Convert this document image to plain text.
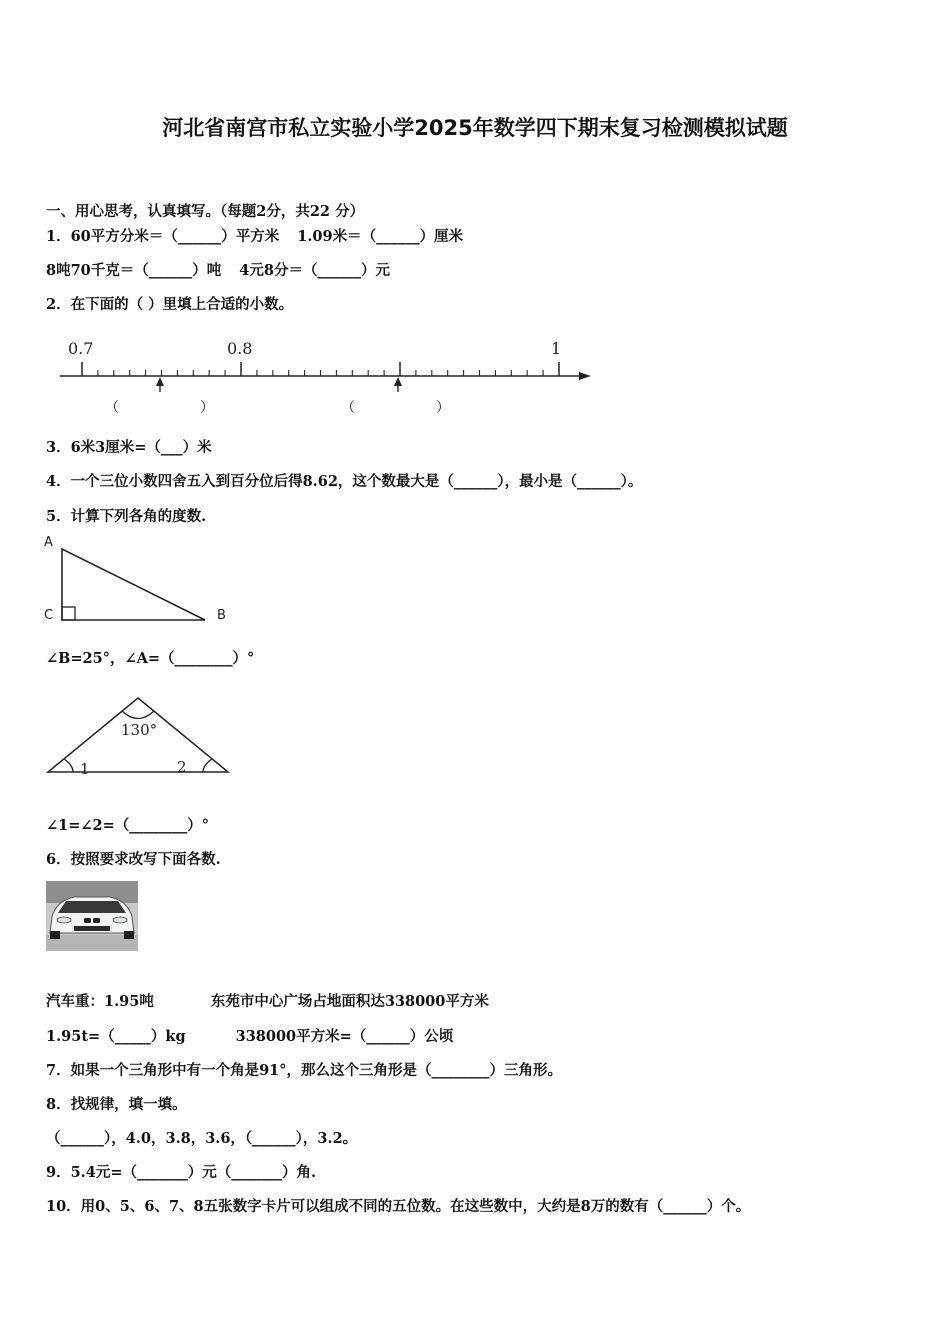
河北省南宫市私立实验小学2025年数学四下期末复习检测模拟试题
一、用心思考，认真填写。（每题2分，共22 分）
1．60平方分米＝（______）平方米 1.09米＝（______）厘米
8吨70千克＝（______）吨 4元8分＝（______）元
2．在下面的（ ）里填上合适的小数。
0.7	0.8	1
（	）	（	）
3．6米3厘米=（___）米
4．一个三位小数四舍五入到百分位后得8.62，这个数最大是（______），最小是（______）。
5．计算下列各角的度数.
A
C	B
∠B=25°，∠A=（________）°
130°
1	2
∠1=∠2=（________）°
6．按照要求改写下面各数.
汽车重：1.95吨	东苑市中心广场占地面积达338000平方米
1.95t=（_____）kg	338000平方米=（______）公顷
7．如果一个三角形中有一个角是91°，那么这个三角形是（________）三角形。
8．找规律，填一填。
（______），4.0，3.8，3.6，（______），3.2。
9．5.4元=（_______）元（_______）角.
10．用0、5、6、7、8五张数字卡片可以组成不同的五位数。在这些数中，大约是8万的数有（______）个。
